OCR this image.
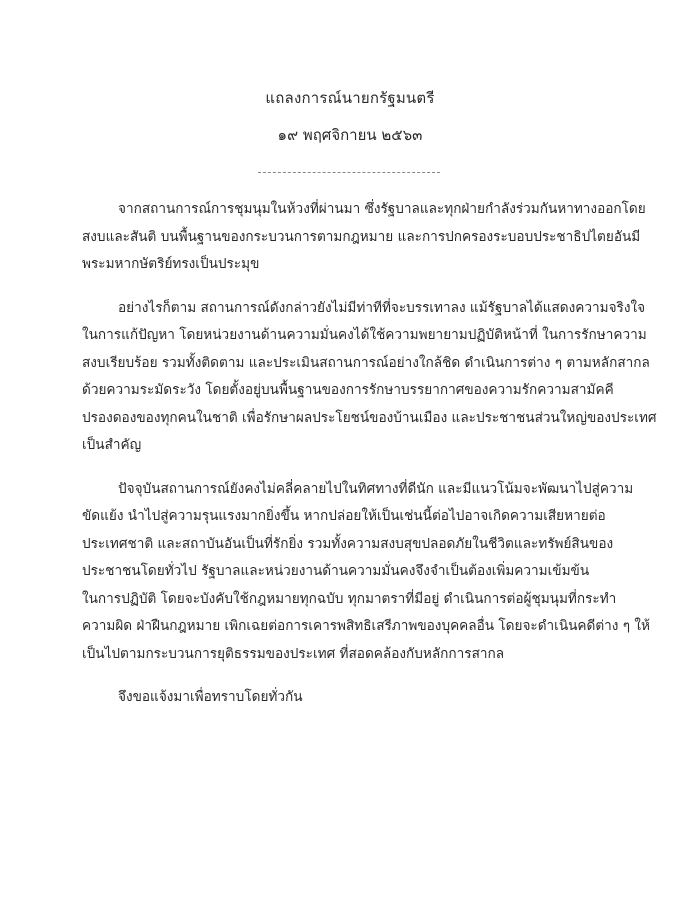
แถลงการณ์นายกรัฐมนตรี
๑๙ พฤศจิกายน ๒๕๖๓

จากสถานการณ์การชุมนุมในห้วงที่ผ่านมา ซึ่งรัฐบาลและทุกฝ่ายกำลังร่วมกันหาทางออกโดย
สงบและสันติ บนพื้นฐานของกระบวนการตามกฎหมาย และการปกครองระบอบประชาธิปไตยอันมี
พระมหากษัตริย์ทรงเป็นประมุข

อย่างไรก็ตาม สถานการณ์ดังกล่าวยังไม่มีท่าทีที่จะบรรเทาลง แม้รัฐบาลได้แสดงความจริงใจ
ในการแก้ปัญหา โดยหน่วยงานด้านความมั่นคงได้ใช้ความพยายามปฏิบัติหน้าที่ ในการรักษาความ
สงบเรียบร้อย รวมทั้งติดตาม และประเมินสถานการณ์อย่างใกล้ชิด ดำเนินการต่าง ๆ ตามหลักสากล
ด้วยความระมัดระวัง โดยตั้งอยู่บนพื้นฐานของการรักษาบรรยากาศของความรักความสามัคคี
ปรองดองของทุกคนในชาติ เพื่อรักษาผลประโยชน์ของบ้านเมือง และประชาชนส่วนใหญ่ของประเทศ
เป็นสำคัญ

ปัจจุบันสถานการณ์ยังคงไม่คลี่คลายไปในทิศทางที่ดีนัก และมีแนวโน้มจะพัฒนาไปสู่ความ
ขัดแย้ง นำไปสู่ความรุนแรงมากยิ่งขึ้น หากปล่อยให้เป็นเช่นนี้ต่อไปอาจเกิดความเสียหายต่อ
ประเทศชาติ และสถาบันอันเป็นที่รักยิ่ง รวมทั้งความสงบสุขปลอดภัยในชีวิตและทรัพย์สินของ
ประชาชนโดยทั่วไป รัฐบาลและหน่วยงานด้านความมั่นคงจึงจำเป็นต้องเพิ่มความเข้มข้น
ในการปฏิบัติ โดยจะบังคับใช้กฎหมายทุกฉบับ ทุกมาตราที่มีอยู่ ดำเนินการต่อผู้ชุมนุมที่กระทำ
ความผิด ฝ่าฝืนกฎหมาย เพิกเฉยต่อการเคารพสิทธิเสรีภาพของบุคคลอื่น โดยจะดำเนินคดีต่าง ๆ ให้
เป็นไปตามกระบวนการยุติธรรมของประเทศ ที่สอดคล้องกับหลักการสากล

จึงขอแจ้งมาเพื่อทราบโดยทั่วกัน
